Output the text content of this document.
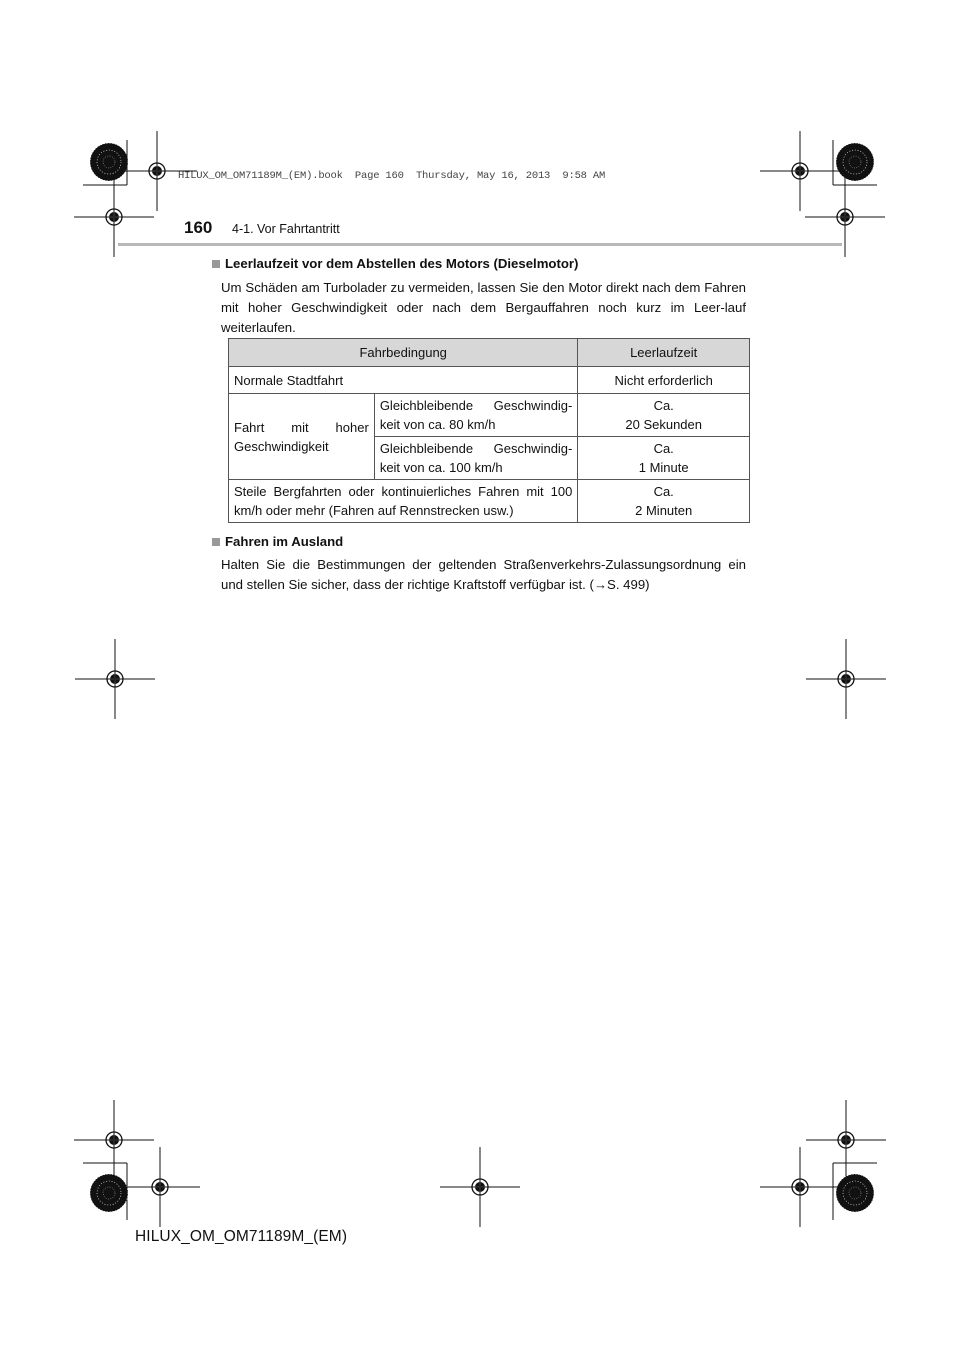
HILUX_OM_OM71189M_(EM).book  Page 160  Thursday, May 16, 2013  9:58 AM
160 4-1. Vor Fahrtantritt
Leerlaufzeit vor dem Abstellen des Motors (Dieselmotor)
Um Schäden am Turbolader zu vermeiden, lassen Sie den Motor direkt nach dem Fahren mit hoher Geschwindigkeit oder nach dem Bergauffahren noch kurz im Leer-lauf weiterlaufen.
Fahrbedingung		Leerlaufzeit
Normale Stadtfahrt		Nicht erforderlich
Fahrt mit hoher Geschwindigkeit	Gleichbleibende Geschwindig-keit von ca. 80 km/h	Ca.
20 Sekunden

	Gleichbleibende Geschwindig-keit von ca. 100 km/h	Ca.
1 Minute

Steile Bergfahrten oder kontinuierliches Fahren mit 100 km/h oder mehr (Fahren auf Rennstrecken usw.)		Ca.
2 Minuten
Fahren im Ausland
Halten Sie die Bestimmungen der geltenden Straßenverkehrs-Zulassungsordnung ein und stellen Sie sicher, dass der richtige Kraftstoff verfügbar ist. (→S. 499)
HILUX_OM_OM71189M_(EM)
